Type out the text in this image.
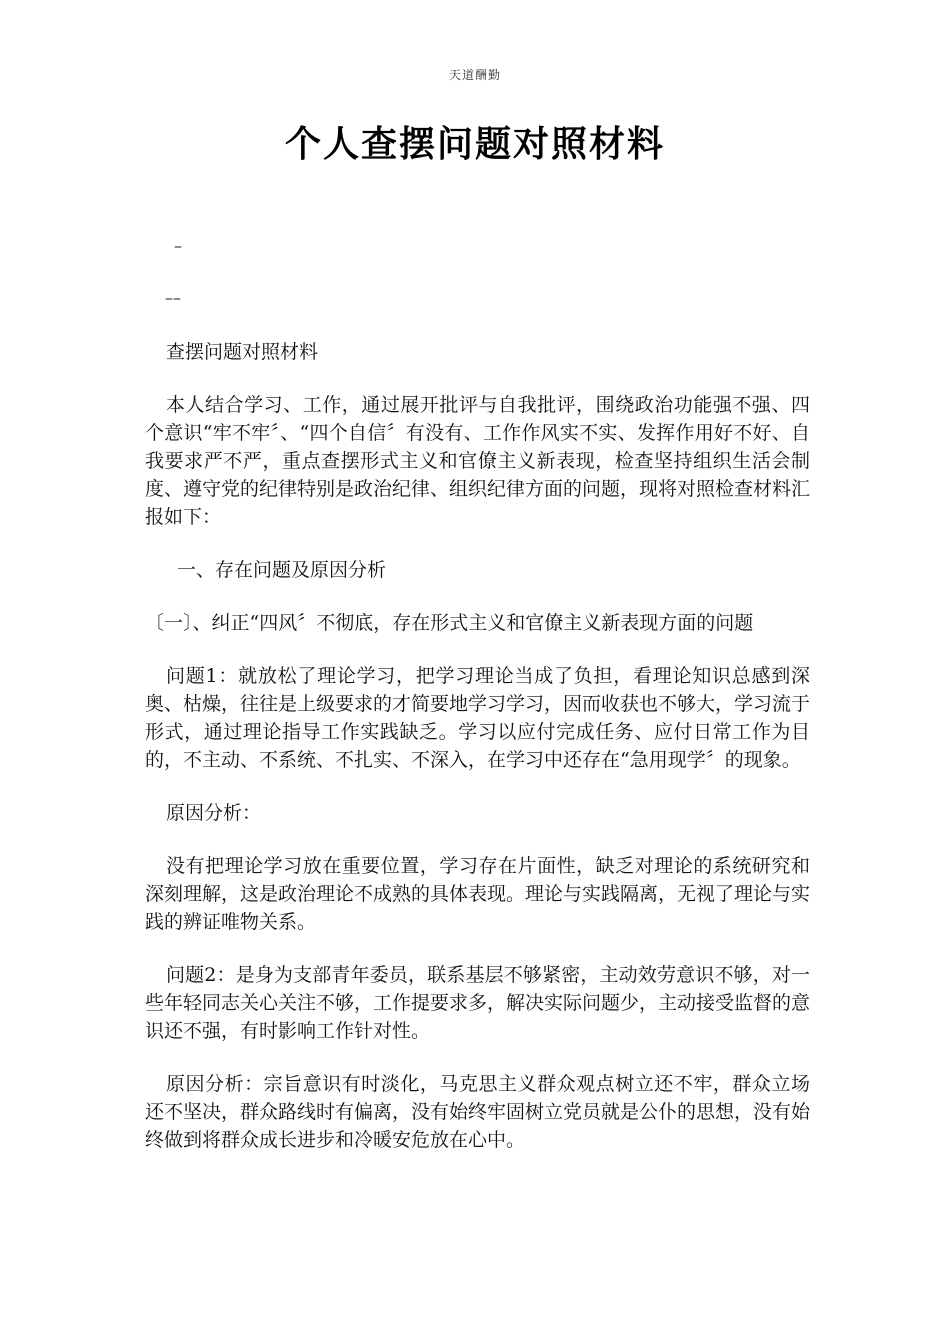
天道酬勤
个人查摆问题对照材料
–
––

查摆问题对照材料

本人结合学习、工作，通过展开批评与自我批评，围绕政治功能强不强、四个意识“牢不牢〞、“四个自信〞有没有、工作作风实不实、发挥作用好不好、自我要求严不严，重点查摆形式主义和官僚主义新表现，检查坚持组织生活会制度、遵守党的纪律特别是政治纪律、组织纪律方面的问题，现将对照检查材料汇报如下：

一、存在问题及原因分析

〔一〕、纠正“四风〞不彻底，存在形式主义和官僚主义新表现方面的问题

问题1：就放松了理论学习，把学习理论当成了负担，看理论知识总感到深奥、枯燥，往往是上级要求的才简要地学习学习，因而收获也不够大，学习流于形式，通过理论指导工作实践缺乏。学习以应付完成任务、应付日常工作为目的，不主动、不系统、不扎实、不深入，在学习中还存在“急用现学〞的现象。

原因分析：

没有把理论学习放在重要位置，学习存在片面性，缺乏对理论的系统研究和深刻理解，这是政治理论不成熟的具体表现。理论与实践隔离，无视了理论与实践的辨证唯物关系。

问题2：是身为支部青年委员，联系基层不够紧密，主动效劳意识不够，对一些年轻同志关心关注不够，工作提要求多，解决实际问题少，主动接受监督的意识还不强，有时影响工作针对性。

原因分析：宗旨意识有时淡化，马克思主义群众观点树立还不牢，群众立场还不坚决，群众路线时有偏离，没有始终牢固树立党员就是公仆的思想，没有始终做到将群众成长进步和冷暖安危放在心中。
